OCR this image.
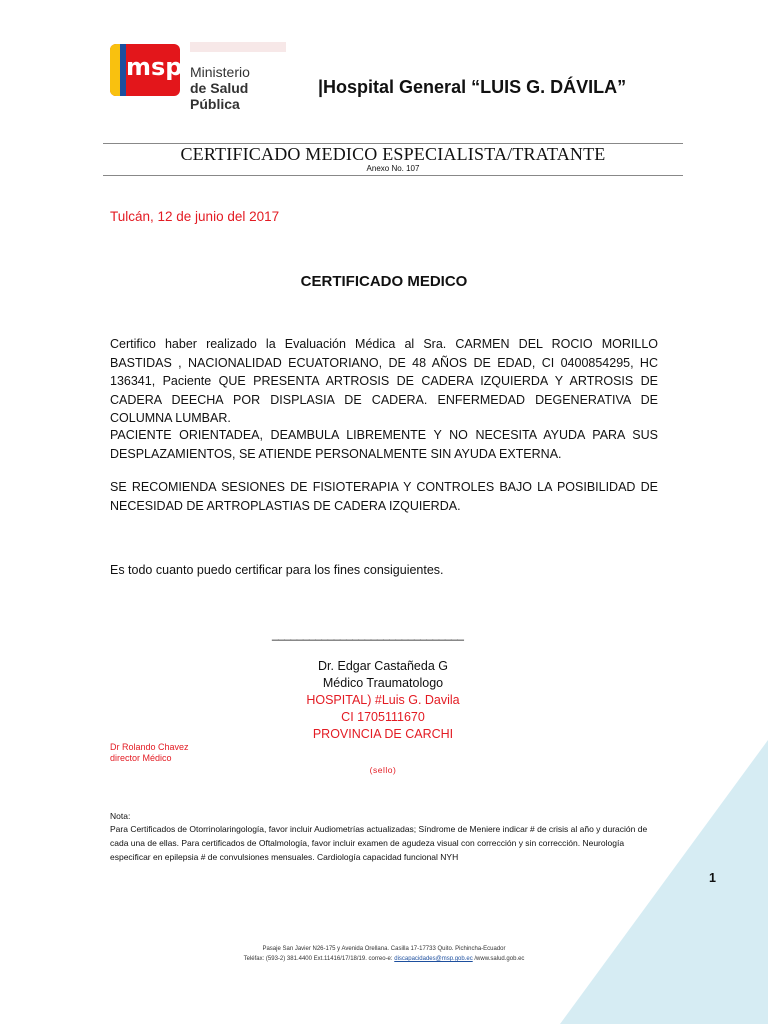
msp Ministerio
de Salud Pública
|Hospital General “LUIS G. DÁVILA”
CERTIFICADO MEDICO ESPECIALISTA/TRATANTE
Anexo No. 107
Tulcán, 12 de junio del 2017
CERTIFICADO MEDICO
Certifico haber realizado la Evaluación Médica al Sra. CARMEN DEL ROCIO MORILLO BASTIDAS , NACIONALIDAD ECUATORIANO, DE 48 AÑOS DE EDAD, CI 0400854295, HC 136341, Paciente QUE PRESENTA ARTROSIS DE CADERA IZQUIERDA Y ARTROSIS DE CADERA DEECHA POR DISPLASIA DE CADERA. ENFERMEDAD DEGENERATIVA DE COLUMNA LUMBAR.
PACIENTE ORIENTADEA, DEAMBULA LIBREMENTE Y NO NECESITA AYUDA PARA SUS DESPLAZAMIENTOS, SE ATIENDE PERSONALMENTE SIN AYUDA EXTERNA.
SE RECOMIENDA SESIONES DE FISIOTERAPIA Y CONTROLES BAJO LA POSIBILIDAD DE NECESIDAD DE ARTROPLASTIAS DE CADERA IZQUIERDA.
Es todo cuanto puedo certificar para los fines consiguientes.
_______________________________
Dr. Edgar Castañeda G
Médico Traumatologo
HOSPITAL) #Luis G. Davila
CI 1705111670
PROVINCIA DE CARCHI
Dr Rolando Chavez
director Médico
(sello)
Nota:
Para Certificados de Otorrinolaringología, favor incluir Audiometrías actualizadas; Síndrome de Meniere indicar # de crisis al año y duración de cada una de ellas. Para certificados de Oftalmología, favor incluir examen de agudeza visual con corrección y sin corrección. Neurología especificar en epilepsia # de convulsiones mensuales. Cardiología capacidad funcional NYH
1
Pasaje San Javier N26-175 y Avenida Orellana. Casilla 17-17733 Quito. Pichincha-Ecuador
Teléfax: (593-2) 381.4400 Ext.11416/17/18/19. correo-e: discapacidades@msp.gob.ec /www.salud.gob.ec
